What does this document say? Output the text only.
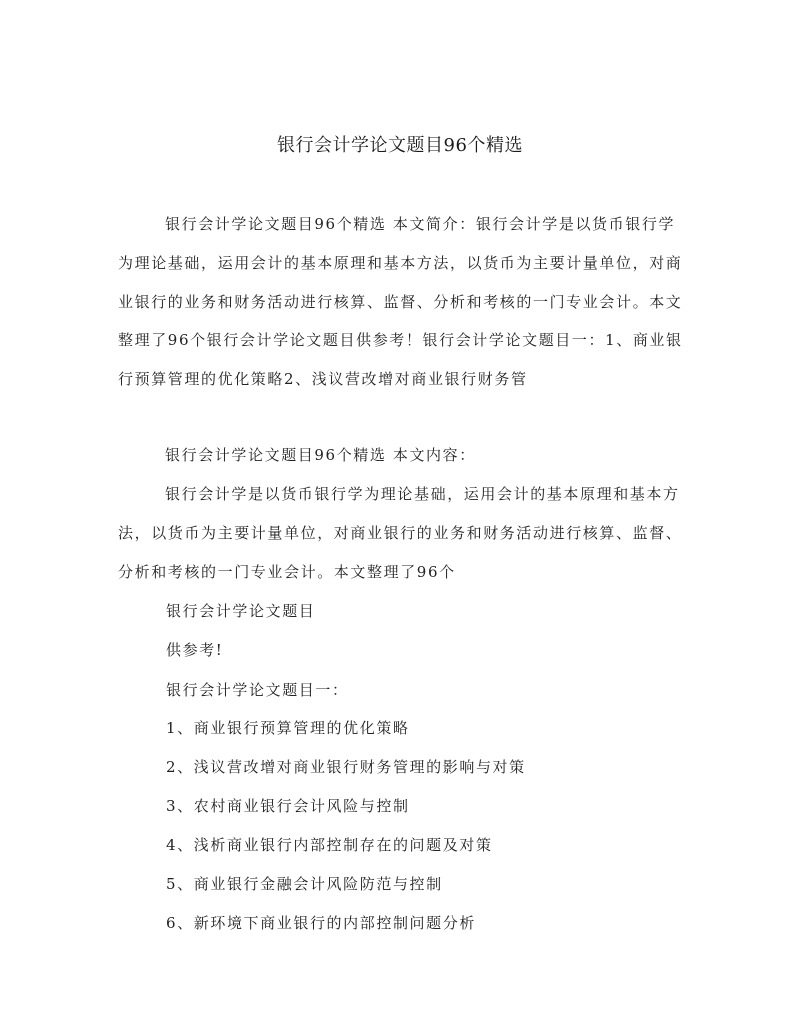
银行会计学论文题目96个精选

银行会计学论文题目96个精选 本文简介：银行会计学是以货币银行学为理论基础，运用会计的基本原理和基本方法，以货币为主要计量单位，对商业银行的业务和财务活动进行核算、监督、分析和考核的一门专业会计。本文整理了96个银行会计学论文题目供参考！银行会计学论文题目一：1、商业银行预算管理的优化策略2、浅议营改增对商业银行财务管

银行会计学论文题目96个精选 本文内容：

银行会计学是以货币银行学为理论基础，运用会计的基本原理和基本方法，以货币为主要计量单位，对商业银行的业务和财务活动进行核算、监督、分析和考核的一门专业会计。本文整理了96个

银行会计学论文题目

供参考!

银行会计学论文题目一：

1、商业银行预算管理的优化策略

2、浅议营改增对商业银行财务管理的影响与对策

3、农村商业银行会计风险与控制

4、浅析商业银行内部控制存在的问题及对策

5、商业银行金融会计风险防范与控制

6、新环境下商业银行的内部控制问题分析
